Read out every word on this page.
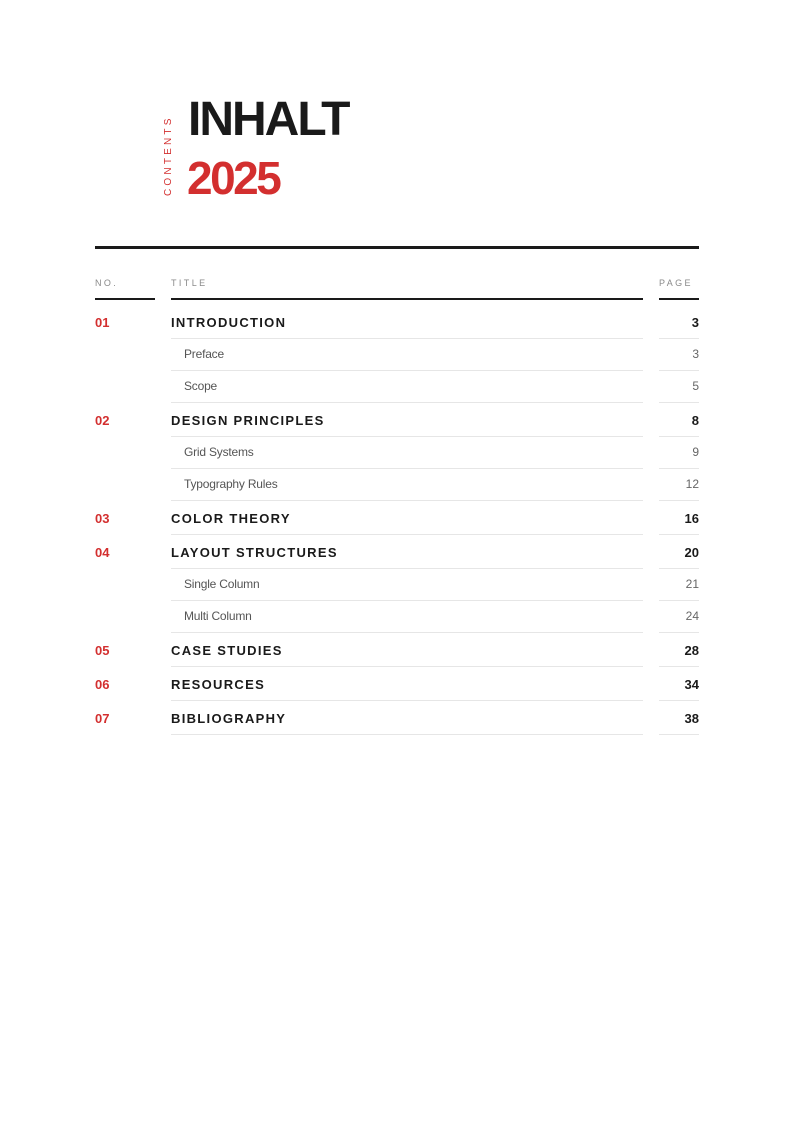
CONTENTS INHALT
2025
NO.	TITLE	PAGE
01	INTRODUCTION	3
Preface	3
Scope	5
02	DESIGN PRINCIPLES	8
Grid Systems	9
Typography Rules	12
03	COLOR THEORY	16
04	LAYOUT STRUCTURES	20
Single Column	21
Multi Column	24
05	CASE STUDIES	28
06	RESOURCES	34
07	BIBLIOGRAPHY	38
